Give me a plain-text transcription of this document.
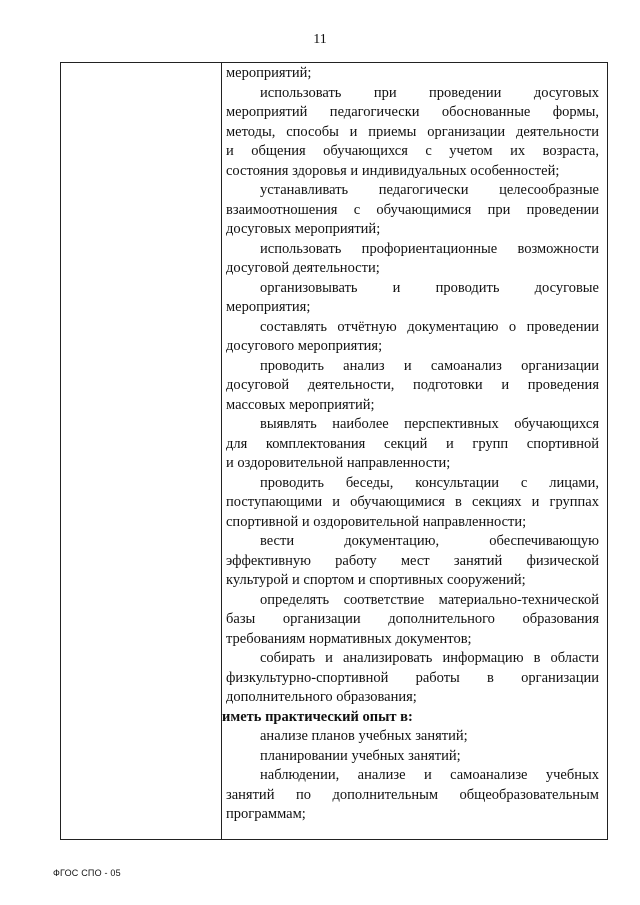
11
мероприятий;
использовать при проведении досуговых
мероприятий педагогически обоснованные формы,
методы, способы и приемы организации деятельности
и общения обучающихся с учетом их возраста,
состояния здоровья и индивидуальных особенностей;
устанавливать педагогически целесообразные
взаимоотношения с обучающимися при проведении
досуговых мероприятий;
использовать профориентационные возможности
досуговой деятельности;
организовывать и проводить досуговые
мероприятия;
составлять отчётную документацию о проведении
досугового мероприятия;
проводить анализ и самоанализ организации
досуговой деятельности, подготовки и проведения
массовых мероприятий;
выявлять наиболее перспективных обучающихся
для комплектования секций и групп спортивной
и оздоровительной направленности;
проводить беседы, консультации с лицами,
поступающими и обучающимися в секциях и группах
спортивной и оздоровительной направленности;
вести документацию, обеспечивающую
эффективную работу мест занятий физической
культурой и спортом и спортивных сооружений;
определять соответствие материально-технической
базы организации дополнительного образования
требованиям нормативных документов;
собирать и анализировать информацию в области
физкультурно-спортивной работы в организации
дополнительного образования;
иметь практический опыт в:
анализе планов учебных занятий;
планировании учебных занятий;
наблюдении, анализе и самоанализе учебных
занятий по дополнительным общеобразовательным
программам;
ФГОС СПО - 05
